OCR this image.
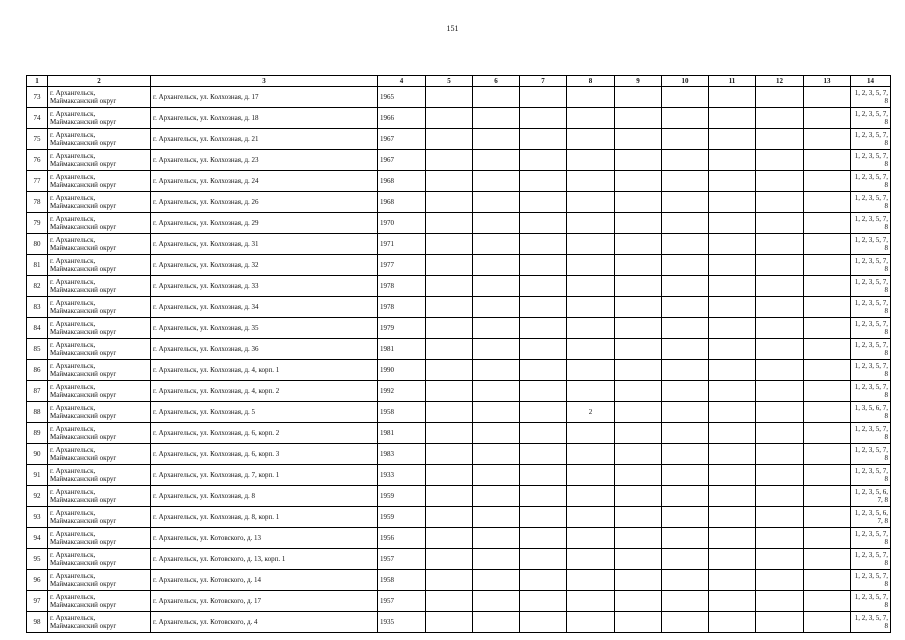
151
1	2	3	4	5	6	7	8	9	10	11	12	13	14
73	г. Архангельск,
Маймаксанский округ	г. Архангельск, ул. Колхозная, д. 17	1965										1, 2, 3, 5, 7, 8
74	г. Архангельск,
Маймаксанский округ	г. Архангельск, ул. Колхозная, д. 18	1966										1, 2, 3, 5, 7, 8
75	г. Архангельск,
Маймаксанский округ	г. Архангельск, ул. Колхозная, д. 21	1967										1, 2, 3, 5, 7, 8
76	г. Архангельск,
Маймаксанский округ	г. Архангельск, ул. Колхозная, д. 23	1967										1, 2, 3, 5, 7, 8
77	г. Архангельск,
Маймаксанский округ	г. Архангельск, ул. Колхозная, д. 24	1968										1, 2, 3, 5, 7, 8
78	г. Архангельск,
Маймаксанский округ	г. Архангельск, ул. Колхозная, д. 26	1968										1, 2, 3, 5, 7, 8
79	г. Архангельск,
Маймаксанский округ	г. Архангельск, ул. Колхозная, д. 29	1970										1, 2, 3, 5, 7, 8
80	г. Архангельск,
Маймаксанский округ	г. Архангельск, ул. Колхозная, д. 31	1971										1, 2, 3, 5, 7, 8
81	г. Архангельск,
Маймаксанский округ	г. Архангельск, ул. Колхозная, д. 32	1977										1, 2, 3, 5, 7, 8
82	г. Архангельск,
Маймаксанский округ	г. Архангельск, ул. Колхозная, д. 33	1978										1, 2, 3, 5, 7, 8
83	г. Архангельск,
Маймаксанский округ	г. Архангельск, ул. Колхозная, д. 34	1978										1, 2, 3, 5, 7, 8
84	г. Архангельск,
Маймаксанский округ	г. Архангельск, ул. Колхозная, д. 35	1979										1, 2, 3, 5, 7, 8
85	г. Архангельск,
Маймаксанский округ	г. Архангельск, ул. Колхозная, д. 36	1981										1, 2, 3, 5, 7, 8
86	г. Архангельск,
Маймаксанский округ	г. Архангельск, ул. Колхозная, д. 4, корп. 1	1990										1, 2, 3, 5, 7, 8
87	г. Архангельск,
Маймаксанский округ	г. Архангельск, ул. Колхозная, д. 4, корп. 2	1992										1, 2, 3, 5, 7, 8
88	г. Архангельск,
Маймаксанский округ	г. Архангельск, ул. Колхозная, д. 5	1958				2						1, 3, 5, 6, 7, 8
89	г. Архангельск,
Маймаксанский округ	г. Архангельск, ул. Колхозная, д. 6, корп. 2	1981										1, 2, 3, 5, 7, 8
90	г. Архангельск,
Маймаксанский округ	г. Архангельск, ул. Колхозная, д. 6, корп. 3	1983										1, 2, 3, 5, 7, 8
91	г. Архангельск,
Маймаксанский округ	г. Архангельск, ул. Колхозная, д. 7, корп. 1	1933										1, 2, 3, 5, 7, 8
92	г. Архангельск,
Маймаксанский округ	г. Архангельск, ул. Колхозная, д. 8	1959										1, 2, 3, 5, 6, 7, 8
93	г. Архангельск,
Маймаксанский округ	г. Архангельск, ул. Колхозная, д. 8, корп. 1	1959										1, 2, 3, 5, 6, 7, 8
94	г. Архангельск,
Маймаксанский округ	г. Архангельск, ул. Котовского, д. 13	1956										1, 2, 3, 5, 7, 8
95	г. Архангельск,
Маймаксанский округ	г. Архангельск, ул. Котовского, д. 13, корп. 1	1957										1, 2, 3, 5, 7, 8
96	г. Архангельск,
Маймаксанский округ	г. Архангельск, ул. Котовского, д. 14	1958										1, 2, 3, 5, 7, 8
97	г. Архангельск,
Маймаксанский округ	г. Архангельск, ул. Котовского, д. 17	1957										1, 2, 3, 5, 7, 8
98	г. Архангельск,
Маймаксанский округ	г. Архангельск, ул. Котовского, д. 4	1935										1, 2, 3, 5, 7, 8
